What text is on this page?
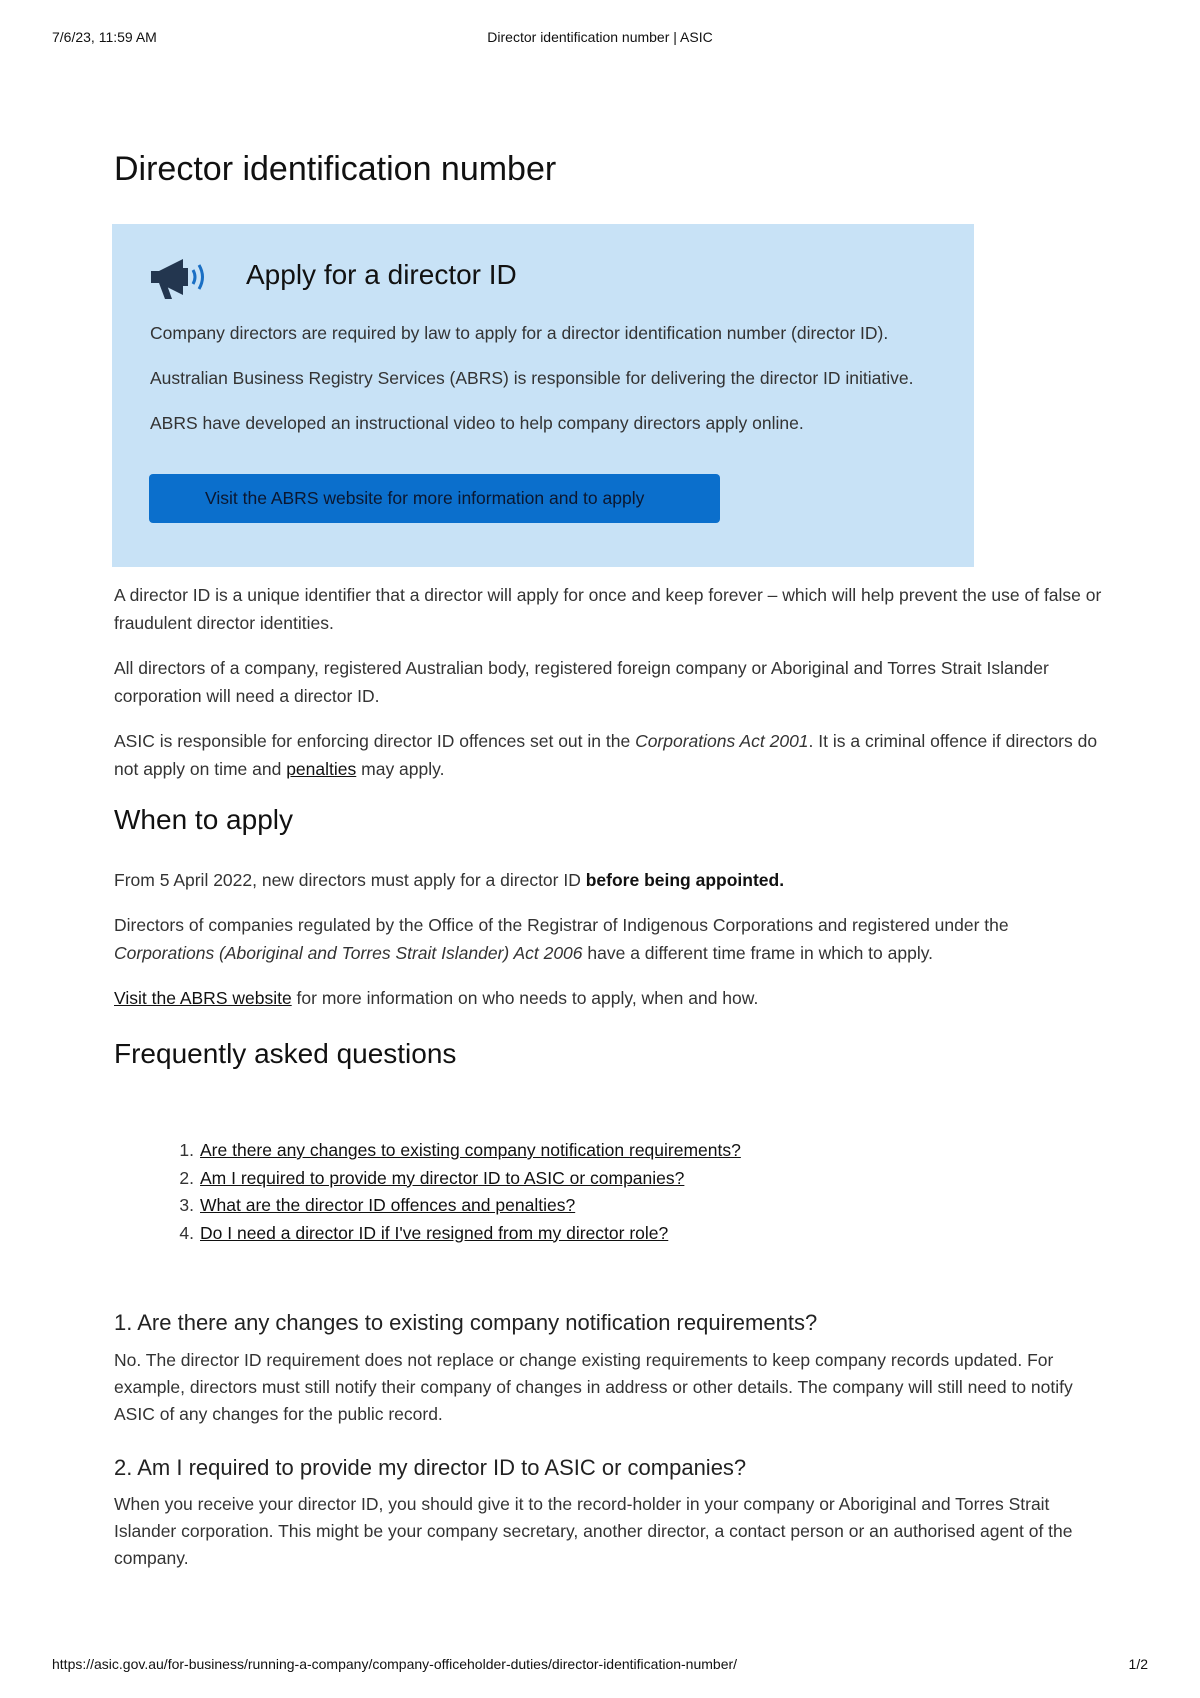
7/6/23, 11:59 AM	Director identification number | ASIC
Director identification number
Apply for a director ID

Company directors are required by law to apply for a director identification number (director ID).

Australian Business Registry Services (ABRS) is responsible for delivering the director ID initiative.

ABRS have developed an instructional video to help company directors apply online.

Visit the ABRS website for more information and to apply

A director ID is a unique identifier that a director will apply for once and keep forever – which will help prevent the use of false or fraudulent director identities.

All directors of a company, registered Australian body, registered foreign company or Aboriginal and Torres Strait Islander corporation will need a director ID.

ASIC is responsible for enforcing director ID offences set out in the Corporations Act 2001. It is a criminal offence if directors do not apply on time and penalties may apply.

When to apply

From 5 April 2022, new directors must apply for a director ID before being appointed.

Directors of companies regulated by the Office of the Registrar of Indigenous Corporations and registered under the Corporations (Aboriginal and Torres Strait Islander) Act 2006 have a different time frame in which to apply.

Visit the ABRS website for more information on who needs to apply, when and how.

Frequently asked questions
1. Are there any changes to existing company notification requirements?
2. Am I required to provide my director ID to ASIC or companies?
3. What are the director ID offences and penalties?
4. Do I need a director ID if I've resigned from my director role?
1. Are there any changes to existing company notification requirements?

No. The director ID requirement does not replace or change existing requirements to keep company records updated. For example, directors must still notify their company of changes in address or other details. The company will still need to notify ASIC of any changes for the public record.

2. Am I required to provide my director ID to ASIC or companies?

When you receive your director ID, you should give it to the record-holder in your company or Aboriginal and Torres Strait Islander corporation. This might be your company secretary, another director, a contact person or an authorised agent of the company.

https://asic.gov.au/for-business/running-a-company/company-officeholder-duties/director-identification-number/	1/2
